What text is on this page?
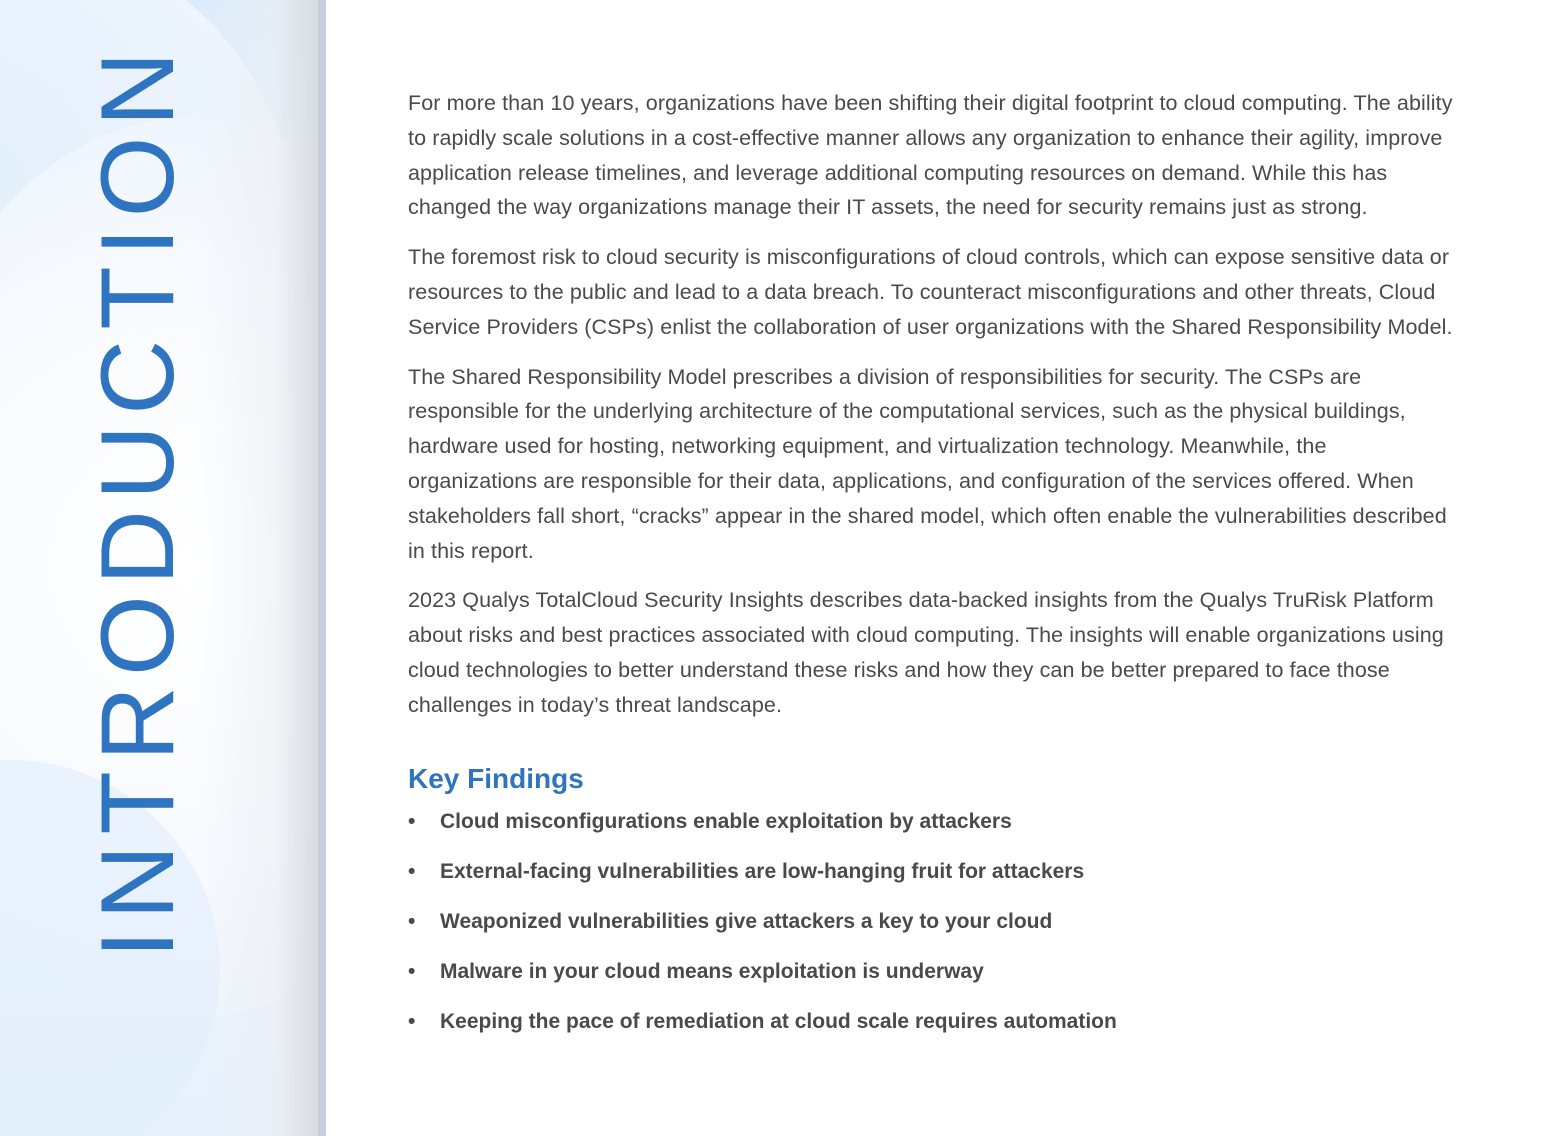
INTRODUCTION	For more than 10 years, organizations have been shifting their digital footprint to cloud computing. The ability to rapidly scale solutions in a cost-effective manner allows any organization to enhance their agility, improve application release timelines, and leverage additional computing resources on demand. While this has changed the way organizations manage their IT assets, the need for security remains just as strong.

The foremost risk to cloud security is misconfigurations of cloud controls, which can expose sensitive data or resources to the public and lead to a data breach. To counteract misconfigurations and other threats, Cloud Service Providers (CSPs) enlist the collaboration of user organizations with the Shared Responsibility Model.

The Shared Responsibility Model prescribes a division of responsibilities for security. The CSPs are responsible for the underlying architecture of the computational services, such as the physical buildings, hardware used for hosting, networking equipment, and virtualization technology. Meanwhile, the organizations are responsible for their data, applications, and configuration of the services offered. When stakeholders fall short, “cracks” appear in the shared model, which often enable the vulnerabilities described in this report.

2023 Qualys TotalCloud Security Insights describes data-backed insights from the Qualys TruRisk Platform about risks and best practices associated with cloud computing. The insights will enable organizations using cloud technologies to better understand these risks and how they can be better prepared to face those challenges in today’s threat landscape.

Key Findings
• Cloud misconfigurations enable exploitation by attackers
• External-facing vulnerabilities are low-hanging fruit for attackers
• Weaponized vulnerabilities give attackers a key to your cloud
• Malware in your cloud means exploitation is underway
• Keeping the pace of remediation at cloud scale requires automation
